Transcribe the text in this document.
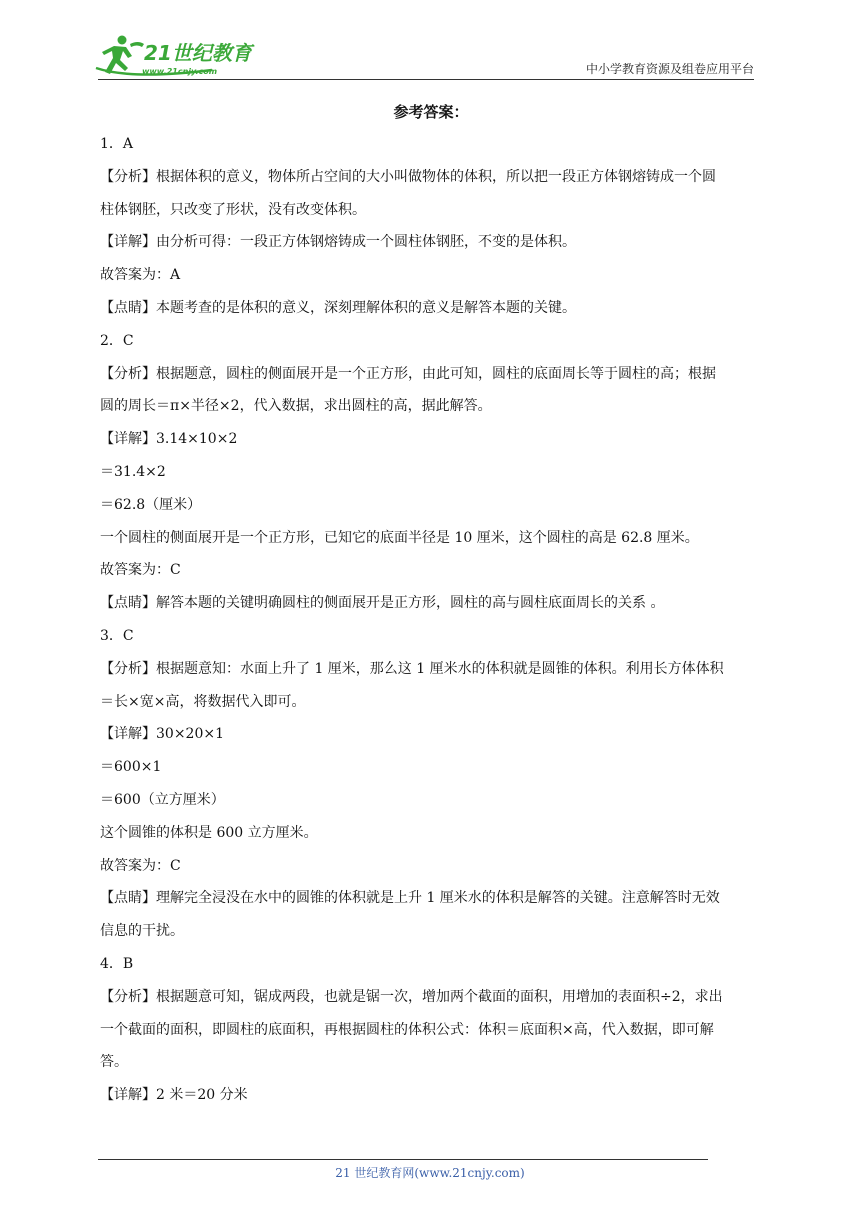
21世纪教育
www.21cnjy.com	中小学教育资源及组卷应用平台
参考答案：
1．A
【分析】根据体积的意义，物体所占空间的大小叫做物体的体积，所以把一段正方体钢熔铸成一个圆
柱体钢胚，只改变了形状，没有改变体积。
【详解】由分析可得：一段正方体钢熔铸成一个圆柱体钢胚，不变的是体积。
故答案为：A
【点睛】本题考查的是体积的意义，深刻理解体积的意义是解答本题的关键。
2．C
【分析】根据题意，圆柱的侧面展开是一个正方形，由此可知，圆柱的底面周长等于圆柱的高；根据
圆的周长＝π×半径×2，代入数据，求出圆柱的高，据此解答。
【详解】3.14×10×2
＝31.4×2
＝62.8（厘米）
一个圆柱的侧面展开是一个正方形，已知它的底面半径是 10 厘米，这个圆柱的高是 62.8 厘米。
故答案为：C
【点睛】解答本题的关键明确圆柱的侧面展开是正方形，圆柱的高与圆柱底面周长的关系 。
3．C
【分析】根据题意知：水面上升了 1 厘米，那么这 1 厘米水的体积就是圆锥的体积。利用长方体体积
＝长×宽×高，将数据代入即可。
【详解】30×20×1
＝600×1
＝600（立方厘米）
这个圆锥的体积是 600 立方厘米。
故答案为：C
【点睛】理解完全浸没在水中的圆锥的体积就是上升 1 厘米水的体积是解答的关键。注意解答时无效
信息的干扰。
4．B
【分析】根据题意可知，锯成两段，也就是锯一次，增加两个截面的面积，用增加的表面积÷2，求出
一个截面的面积，即圆柱的底面积，再根据圆柱的体积公式：体积＝底面积×高，代入数据，即可解
答。
【详解】2 米＝20 分米
21 世纪教育网(www.21cnjy.com)
